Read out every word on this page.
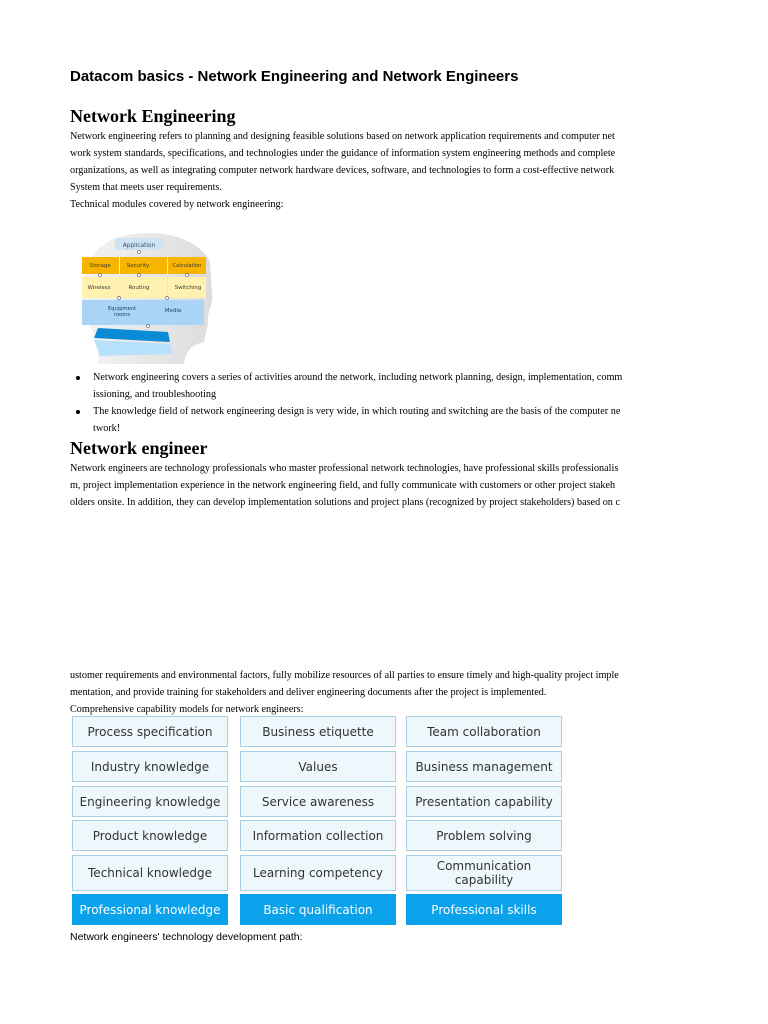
Datacom basics - Network Engineering and Network Engineers
Network Engineering

Network engineering refers to planning and designing feasible solutions based on network application requirements and computer net
work system standards, specifications, and technologies under the guidance of information system engineering methods and complete
organizations, as well as integrating computer network hardware devices, software, and technologies to form a cost-effective network
System that meets user requirements.
Technical modules covered by network engineering:

Application
Storage	Security	Calculation
Wireless	Routing	Switching
Equipment
rooms
Media
Network engineering covers a series of activities around the network, including network planning, design, implementation, comm
issioning, and troubleshooting
The knowledge field of network engineering design is very wide, in which routing and switching are the basis of the computer ne
twork!
Network engineer

Network engineers are technology professionals who master professional network technologies, have professional skills professionalis
m, project implementation experience in the network engineering field, and fully communicate with customers or other project stakeh
olders onsite. In addition, they can develop implementation solutions and project plans (recognized by project stakeholders) based on c

ustomer requirements and environmental factors, fully mobilize resources of all parties to ensure timely and high-quality project imple
mentation, and provide training for stakeholders and deliver engineering documents after the project is implemented.
Comprehensive capability models for network engineers:

Process specification	Business etiquette	Team collaboration
Industry knowledge	Values	Business management
Engineering knowledge	Service awareness	Presentation capability
Product knowledge	Information collection	Problem solving
Technical knowledge	Learning competency	Communication capability
Professional knowledge	Basic qualification	Professional skills

Network engineers' technology development path:
